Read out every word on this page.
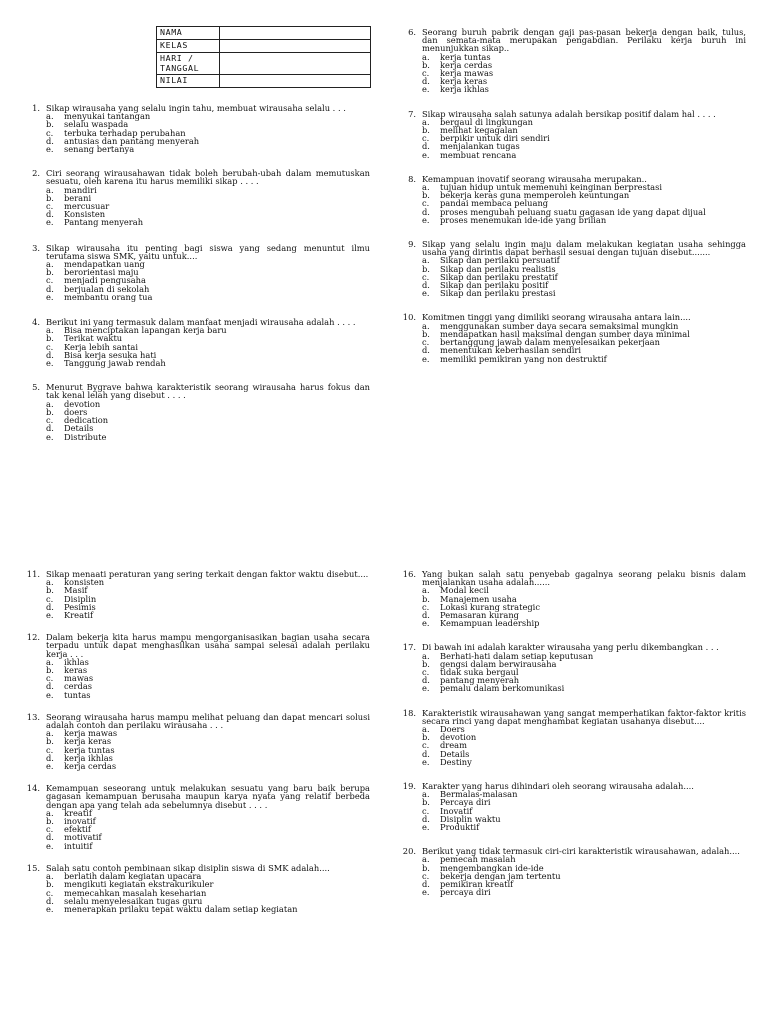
NAMA	
KELAS	
HARI / TANGGAL	
NILAI	
1. Sikap wirausaha yang selalu ingin tahu, membuat wirausaha selalu . . .
a. menyukai tantangan
b. selalu waspada
c. terbuka terhadap perubahan
d. antusias dan pantang menyerah
e. senang bertanya
2. Ciri seorang wirausahawan tidak boleh berubah-ubah dalam memutuskan sesuatu, oleh karena itu harus memiliki sikap . . . .
a. mandiri
b. berani
c. mercusuar
d. Konsisten
e. Pantang menyerah
3. Sikap wirausaha itu penting bagi siswa yang sedang menuntut ilmu terutama siswa SMK, yaitu untuk....
a. mendapatkan uang
b. berorientasi maju
c. menjadi pengusaha
d. berjualan di sekolah
e. membantu orang tua
4. Berikut ini yang termasuk dalam manfaat menjadi wirausaha adalah . . . .
a. Bisa menciptakan lapangan kerja baru
b. Terikat waktu
c. Kerja lebih santai
d. Bisa kerja sesuka hati
e. Tanggung jawab rendah
5. Menurut Bygrave bahwa karakteristik seorang wirausaha harus fokus dan tak kenal lelah yang disebut . . . .
a. devotion
b. doers
c. dedication
d. Details
e. Distribute
6. Seorang buruh pabrik dengan gaji pas-pasan bekerja dengan baik, tulus, dan semata-mata merupakan pengabdian. Perilaku kerja buruh ini menunjukkan sikap..
a. kerja tuntas
b. kerja cerdas
c. kerja mawas
d. kerja keras
e. kerja ikhlas
7. Sikap wirausaha salah satunya adalah bersikap positif dalam hal . . . .
a. bergaul di lingkungan
b. melihat kegagalan
c. berpikir untuk diri sendiri
d. menjalankan tugas
e. membuat rencana
8. Kemampuan inovatif seorang wirausaha merupakan..
a. tujuan hidup untuk memenuhi keinginan berprestasi
b. bekerja keras guna memperoleh keuntungan
c. pandai membaca peluang
d. proses mengubah peluang suatu gagasan ide yang dapat dijual
e. proses menemukan ide-ide yang brilian
9. Sikap yang selalu ingin maju dalam melakukan kegiatan usaha sehingga usaha yang dirintis dapat berhasil sesuai dengan tujuan disebut.......
a. Sikap dan perilaku persuatif
b. Sikap dan perilaku realistis
c. Sikap dan perilaku prestatif
d. Sikap dan perilaku positif
e. Sikap dan perilaku prestasi
10. Komitmen tinggi yang dimiliki seorang wirausaha antara lain....
a. menggunakan sumber daya secara semaksimal mungkin
b. mendapatkan hasil maksimal dengan sumber daya minimal
c. bertanggung jawab dalam menyelesaikan pekerjaan
d. menentukan keberhasilan sendiri
e. memiliki pemikiran yang non destruktif
11. Sikap menaati peraturan yang sering terkait dengan faktor waktu disebut....
a. konsisten
b. Masif
c. Disiplin
d. Pesimis
e. Kreatif
12. Dalam bekerja kita harus mampu mengorganisasikan bagian usaha secara terpadu untuk dapat menghasilkan usaha sampai selesai adalah perilaku kerja . . .
a. ikhlas
b. keras
c. mawas
d. cerdas
e. tuntas
13. Seorang wirausaha harus mampu melihat peluang dan dapat mencari solusi adalah contoh dan perilaku wirausaha . . .
a. kerja mawas
b. kerja keras
c. kerja tuntas
d. kerja ikhlas
e. kerja cerdas
14. Kemampuan seseorang untuk melakukan sesuatu yang baru baik berupa gagasan kemampuan berusaha maupun karya nyata yang relatif berbeda dengan apa yang telah ada sebelumnya disebut . . . .
a. kreatif
b. inovatif
c. efektif
d. motivatif
e. intuitif
15. Salah satu contoh pembinaan sikap disiplin siswa di SMK adalah....
a. berlatih dalam kegiatan upacara
b. mengikuti kegiatan ekstrakurikuler
c. memecahkan masalah keseharian
d. selalu menyelesaikan tugas guru
e. menerapkan prilaku tepat waktu dalam setiap kegiatan
16. Yang bukan salah satu penyebab gagalnya seorang pelaku bisnis dalam menjalankan usaha adalah......
a. Modal kecil
b. Manajemen usaha
c. Lokasi kurang strategic
d. Pemasaran kurang
e. Kemampuan leadership
17. Di bawah ini adalah karakter wirausaha yang perlu dikembangkan . . .
a. Berhati-hati dalam setiap keputusan
b. gengsi dalam berwirausaha
c. tidak suka bergaul
d. pantang menyerah
e. pemalu dalam berkomunikasi
18. Karakteristik wirausahawan yang sangat memperhatikan faktor-faktor kritis secara rinci yang dapat menghambat kegiatan usahanya disebut....
a. Doers
b. devotion
c. dream
d. Details
e. Destiny
19. Karakter yang harus dihindari oleh seorang wirausaha adalah....
a. Bermalas-malasan
b. Percaya diri
c. Inovatif
d. Disiplin waktu
e. Produktif
20. Berikut yang tidak termasuk ciri-ciri karakteristik wirausahawan, adalah....
a. pemecah masalah
b. mengembangkan ide-ide
c. bekerja dengan jam tertentu
d. pemikiran kreatif
e. percaya diri
